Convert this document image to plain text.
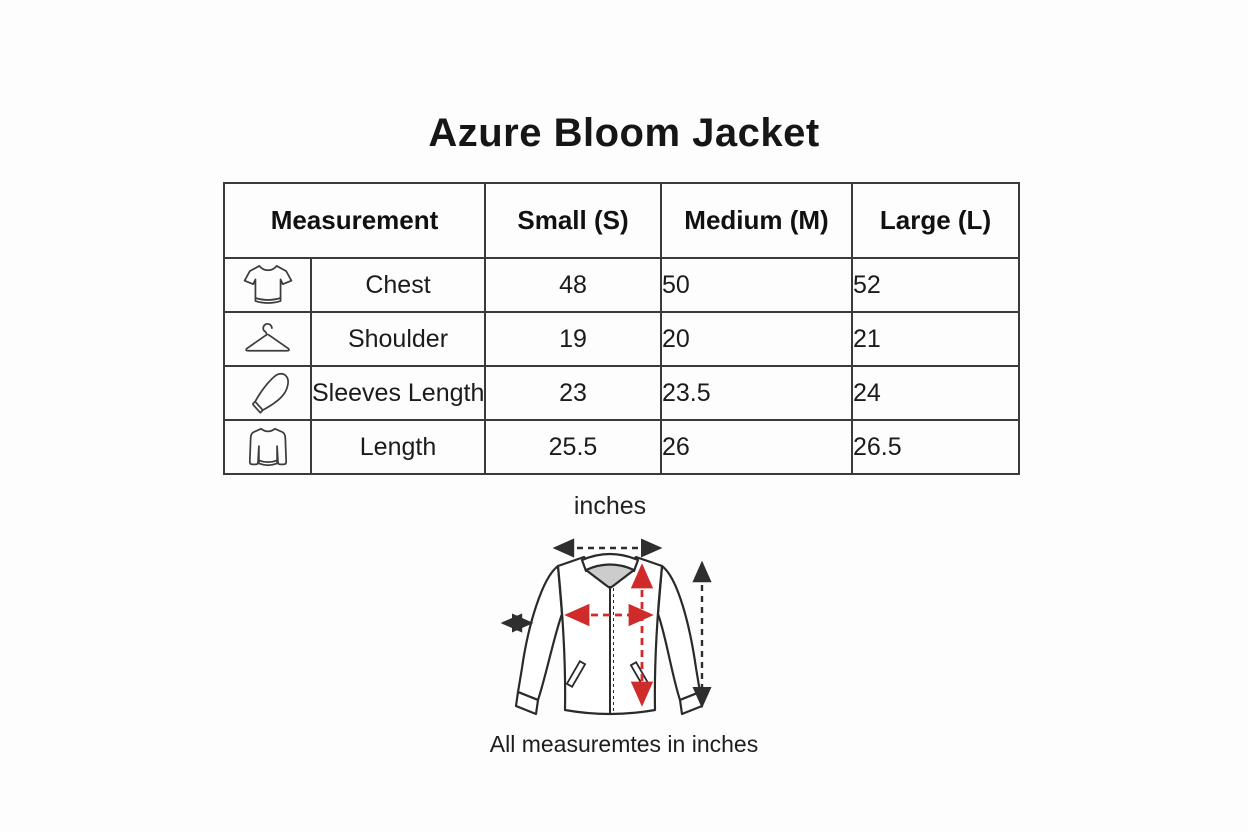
Azure Bloom Jacket
Measurement		Small (S)	Medium (M)	Large (L)

	Chest	48	50	52

	Shoulder	19	20	21

	Sleeves Length	23	23.5	24

	Length	25.5	26	26.5
inches
All measuremtes in inches
